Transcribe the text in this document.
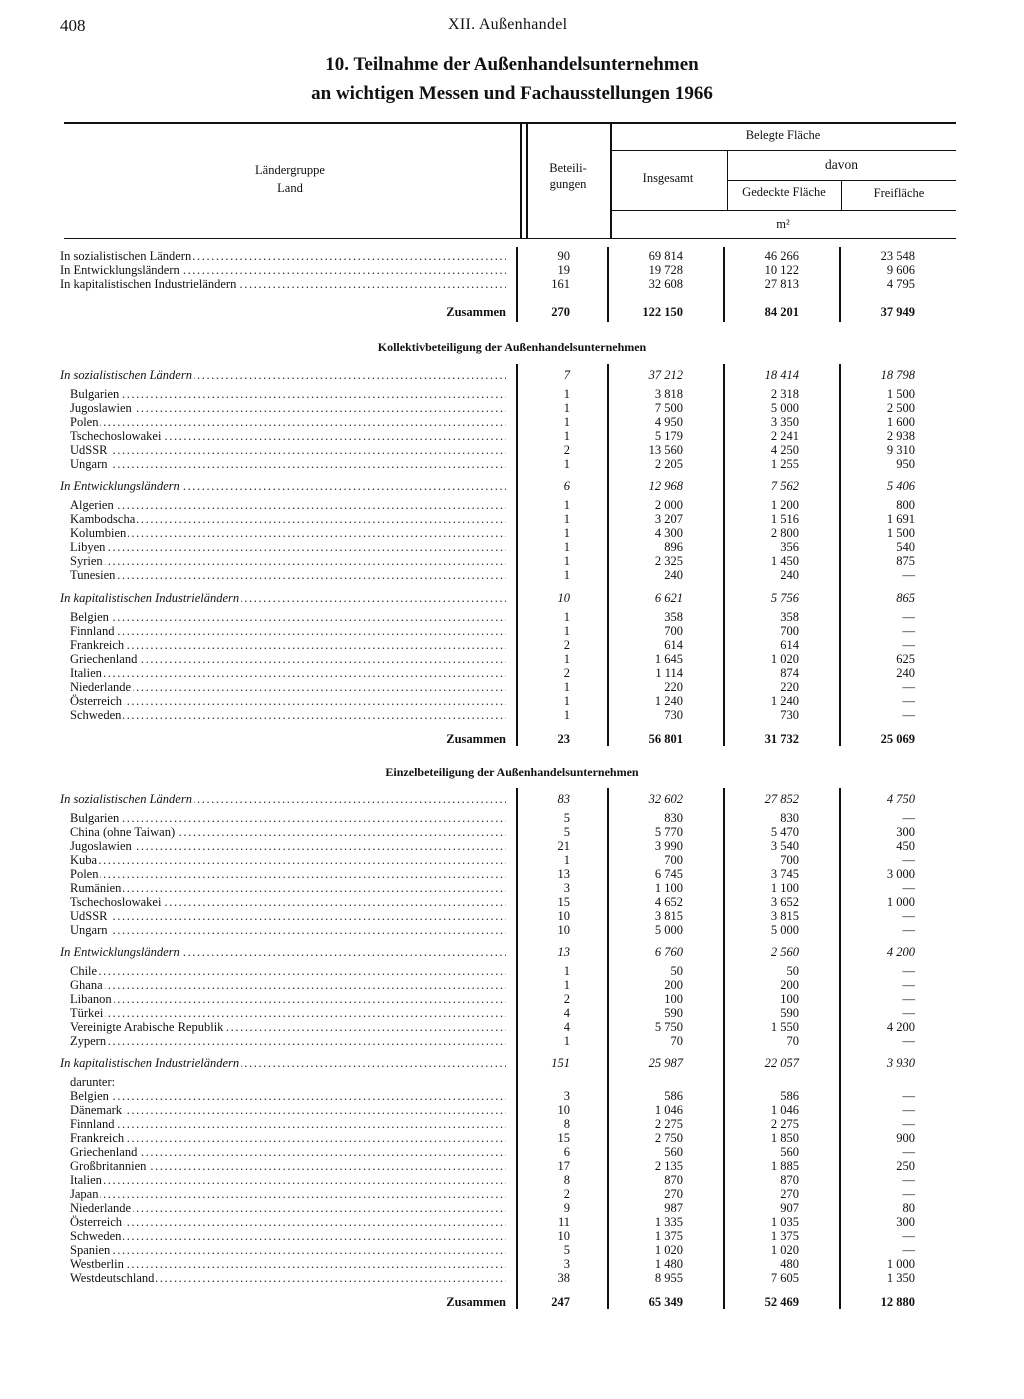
408	XII. Außenhandel
10. Teilnahme der Außenhandelsunternehmen
an wichtigen Messen und Fachausstellungen 1966
Ländergruppe
Land
Beteili-
gungen
Belegte Fläche
Insgesamt
davon
Gedeckte Fläche	Freifläche
m²
Kollektivbeteiligung der Außenhandelsunternehmen
Einzelbeteiligung der Außenhandelsunternehmen
.....
In sozialistischen Ländern	90	69 814	46 266	23 548
.....
In Entwicklungsländern	19	19 728	10 122	9 606
.....
In kapitalistischen Industrieländern	161	32 608	27 813	4 795
Zusammen	270	122 150	84 201	37 949
.....
In sozialistischen Ländern	7	37 212	18 414	18 798
.....
Bulgarien	1	3 818	2 318	1 500
.....
Jugoslawien	1	7 500	5 000	2 500
.....
Polen	1	4 950	3 350	1 600
.....
Tschechoslowakei	1	5 179	2 241	2 938
.....
UdSSR	2	13 560	4 250	9 310
.....
Ungarn	1	2 205	1 255	950
.....
In Entwicklungsländern	6	12 968	7 562	5 406
.....
Algerien	1	2 000	1 200	800
.....
Kambodscha	1	3 207	1 516	1 691
.....
Kolumbien	1	4 300	2 800	1 500
.....
Libyen	1	896	356	540
.....
Syrien	1	2 325	1 450	875
.....
Tunesien	1	240	240	—
.....
In kapitalistischen Industrieländern	10	6 621	5 756	865
.....
Belgien	1	358	358	—
.....
Finnland	1	700	700	—
.....
Frankreich	2	614	614	—
.....
Griechenland	1	1 645	1 020	625
.....
Italien	2	1 114	874	240
.....
Niederlande	1	220	220	—
.....
Österreich	1	1 240	1 240	—
.....
Schweden	1	730	730	—
Zusammen	23	56 801	31 732	25 069
.....
In sozialistischen Ländern	83	32 602	27 852	4 750
.....
Bulgarien	5	830	830	—
.....
China (ohne Taiwan)	5	5 770	5 470	300
.....
Jugoslawien	21	3 990	3 540	450
.....
Kuba	1	700	700	—
.....
Polen	13	6 745	3 745	3 000
.....
Rumänien	3	1 100	1 100	—
.....
Tschechoslowakei	15	4 652	3 652	1 000
.....
UdSSR	10	3 815	3 815	—
.....
Ungarn	10	5 000	5 000	—
.....
In Entwicklungsländern	13	6 760	2 560	4 200
.....
Chile	1	50	50	—
.....
Ghana	1	200	200	—
.....
Libanon	2	100	100	—
.....
Türkei	4	590	590	—
.....
Vereinigte Arabische Republik	4	5 750	1 550	4 200
.....
Zypern	1	70	70	—
.....
In kapitalistischen Industrieländern	151	25 987	22 057	3 930
darunter:
.....
Belgien	3	586	586	—
.....
Dänemark	10	1 046	1 046	—
.....
Finnland	8	2 275	2 275	—
.....
Frankreich	15	2 750	1 850	900
.....
Griechenland	6	560	560	—
.....
Großbritannien	17	2 135	1 885	250
.....
Italien	8	870	870	—
.....
Japan	2	270	270	—
.....
Niederlande	9	987	907	80
.....
Österreich	11	1 335	1 035	300
.....
Schweden	10	1 375	1 375	—
.....
Spanien	5	1 020	1 020	—
.....
Westberlin	3	1 480	480	1 000
.....
Westdeutschland	38	8 955	7 605	1 350
Zusammen	247	65 349	52 469	12 880
